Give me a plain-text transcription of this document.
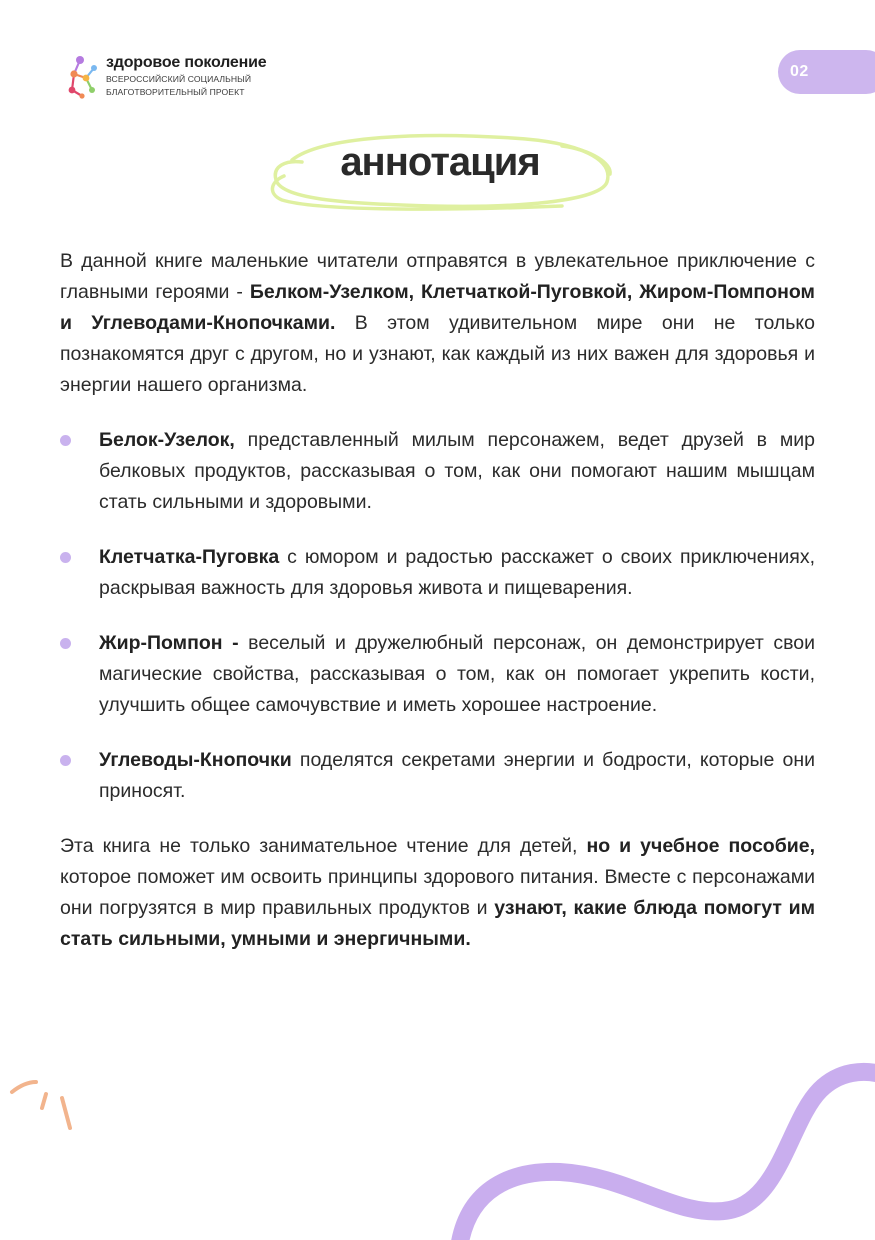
здоровое поколение
ВСЕРОССИЙСКИЙ СОЦИАЛЬНЫЙ
БЛАГОТВОРИТЕЛЬНЫЙ ПРОЕКТ
02
аннотация

В данной книге маленькие читатели отправятся в увлекательное приключение с главными героями - Белком-Узелком, Клетчаткой-Пуговкой, Жиром-Помпоном и Углеводами-Кнопочками. В этом удивительном мире они не только познакомятся друг с другом, но и узнают, как каждый из них важен для здоровья и энергии нашего организма.

Белок-Узелок, представленный милым персонажем, ведет друзей в мир белковых продуктов, рассказывая о том, как они помогают нашим мышцам стать сильными и здоровыми.
Клетчатка-Пуговка с юмором и радостью расскажет о своих приключениях, раскрывая важность для здоровья живота и пищеварения.
Жир-Помпон - веселый и дружелюбный персонаж, он демонстрирует свои магические свойства, рассказывая о том, как он помогает укрепить кости, улучшить общее самочувствие и иметь хорошее настроение.
Углеводы-Кнопочки поделятся секретами энергии и бодрости, которые они приносят.

Эта книга не только занимательное чтение для детей, но и учебное пособие, которое поможет им освоить принципы здорового питания. Вместе с персонажами они погрузятся в мир правильных продуктов и узнают, какие блюда помогут им стать сильными, умными и энергичными.
